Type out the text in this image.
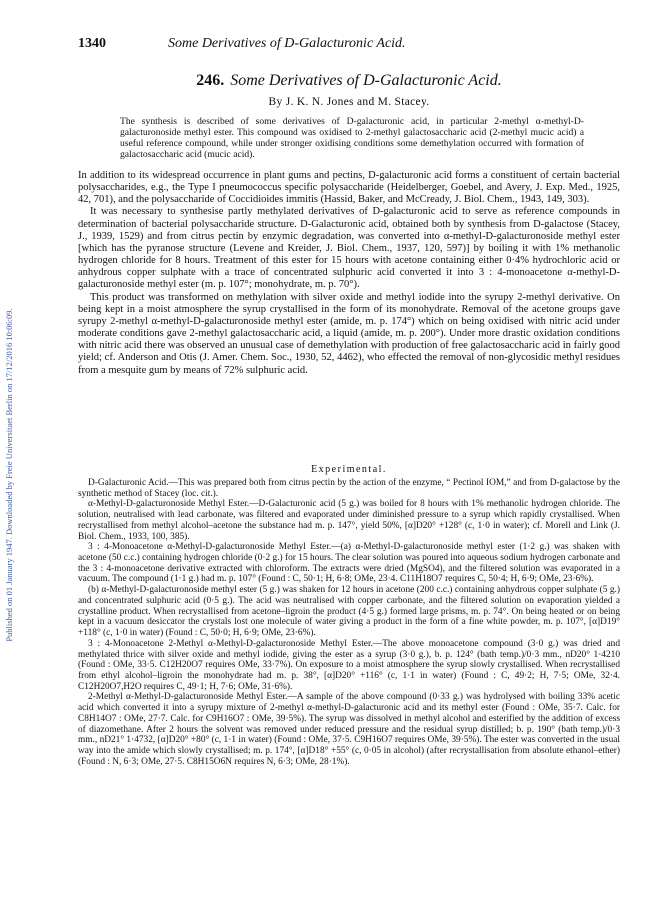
Published on 01 January 1947. Downloaded by Freie Universitaet Berlin on 17/12/2016 10:06:09.
1340	Some Derivatives of D-Galacturonic Acid.
246. Some Derivatives of D-Galacturonic Acid.
By J. K. N. Jones and M. Stacey.
The synthesis is described of some derivatives of D-galacturonic acid, in particular 2-methyl α-methyl-D-galacturonoside methyl ester. This compound was oxidised to 2-methyl galactosaccharic acid (2-methyl mucic acid) a useful reference compound, while under stronger oxidising conditions some demethylation occurred with formation of galactosaccharic acid (mucic acid).

In addition to its widespread occurrence in plant gums and pectins, D-galacturonic acid forms a constituent of certain bacterial polysaccharides, e.g., the Type I pneumococcus specific polysaccharide (Heidelberger, Goebel, and Avery, J. Exp. Med., 1925, 42, 701), and the polysaccharide of Coccidioides immitis (Hassid, Baker, and McCready, J. Biol. Chem., 1943, 149, 303).

It was necessary to synthesise partly methylated derivatives of D-galacturonic acid to serve as reference compounds in determination of bacterial polysaccharide structure. D-Galacturonic acid, obtained both by synthesis from D-galactose (Stacey, J., 1939, 1529) and from citrus pectin by enzymic degradation, was converted into α-methyl-D-galacturonoside methyl ester [which has the pyranose structure (Levene and Kreider, J. Biol. Chem., 1937, 120, 597)] by boiling it with 1% methanolic hydrogen chloride for 8 hours. Treatment of this ester for 15 hours with acetone containing either 0·4% hydrochloric acid or anhydrous copper sulphate with a trace of concentrated sulphuric acid converted it into 3 : 4-monoacetone α-methyl-D-galacturonoside methyl ester (m. p. 107°; monohydrate, m. p. 70°).

This product was transformed on methylation with silver oxide and methyl iodide into the syrupy 2-methyl derivative. On being kept in a moist atmosphere the syrup crystallised in the form of its monohydrate. Removal of the acetone groups gave syrupy 2-methyl α-methyl-D-galacturonoside methyl ester (amide, m. p. 174°) which on being oxidised with nitric acid under moderate conditions gave 2-methyl galactosaccharic acid, a liquid (amide, m. p. 200°). Under more drastic oxidation conditions with nitric acid there was observed an unusual case of demethylation with production of free galactosaccharic acid in fairly good yield; cf. Anderson and Otis (J. Amer. Chem. Soc., 1930, 52, 4462), who effected the removal of non-glycosidic methyl residues from a mesquite gum by means of 72% sulphuric acid.

Experimental.

D-Galacturonic Acid.—This was prepared both from citrus pectin by the action of the enzyme, “ Pectinol IOM,” and from D-galactose by the synthetic method of Stacey (loc. cit.).

α-Methyl-D-galacturonoside Methyl Ester.—D-Galacturonic acid (5 g.) was boiled for 8 hours with 1% methanolic hydrogen chloride. The solution, neutralised with lead carbonate, was filtered and evaporated under diminished pressure to a syrup which rapidly crystallised. When recrystallised from methyl alcohol–acetone the substance had m. p. 147°, yield 50%, [α]D20° +128° (c, 1·0 in water); cf. Morell and Link (J. Biol. Chem., 1933, 100, 385).

3 : 4-Monoacetone α-Methyl-D-galacturonoside Methyl Ester.—(a) α-Methyl-D-galacturonoside methyl ester (1·2 g.) was shaken with acetone (50 c.c.) containing hydrogen chloride (0·2 g.) for 15 hours. The clear solution was poured into aqueous sodium hydrogen carbonate and the 3 : 4-monoacetone derivative extracted with chloroform. The extracts were dried (MgSO4), and the filtered solution was evaporated in a vacuum. The compound (1·1 g.) had m. p. 107° (Found : C, 50·1; H, 6·8; OMe, 23·4. C11H18O7 requires C, 50·4; H, 6·9; OMe, 23·6%).

(b) α-Methyl-D-galacturonoside methyl ester (5 g.) was shaken for 12 hours in acetone (200 c.c.) containing anhydrous copper sulphate (5 g.) and concentrated sulphuric acid (0·5 g.). The acid was neutralised with copper carbonate, and the filtered solution on evaporation yielded a crystalline product. When recrystallised from acetone–ligroin the product (4·5 g.) formed large prisms, m. p. 74°. On being heated or on being kept in a vacuum desiccator the crystals lost one molecule of water giving a product in the form of a fine white powder, m. p. 107°, [α]D19° +118° (c, 1·0 in water) (Found : C, 50·0; H, 6·9; OMe, 23·6%).

3 : 4-Monoacetone 2-Methyl α-Methyl-D-galacturonoside Methyl Ester.—The above monoacetone compound (3·0 g.) was dried and methylated thrice with silver oxide and methyl iodide, giving the ester as a syrup (3·0 g.), b. p. 124° (bath temp.)/0·3 mm., nD20° 1·4210 (Found : OMe, 33·5. C12H20O7 requires OMe, 33·7%). On exposure to a moist atmosphere the syrup slowly crystallised. When recrystallised from ethyl alcohol–ligroin the monohydrate had m. p. 38°, [α]D20° +116° (c, 1·1 in water) (Found : C, 49·2; H, 7·5; OMe, 32·4. C12H20O7,H2O requires C, 49·1; H, 7·6; OMe, 31·6%).

2-Methyl α-Methyl-D-galacturonoside Methyl Ester.—A sample of the above compound (0·33 g.) was hydrolysed with boiling 33% acetic acid which converted it into a syrupy mixture of 2-methyl α-methyl-D-galacturonic acid and its methyl ester (Found : OMe, 35·7. Calc. for C8H14O7 : OMe, 27·7. Calc. for C9H16O7 : OMe, 39·5%). The syrup was dissolved in methyl alcohol and esterified by the addition of excess of diazomethane. After 2 hours the solvent was removed under reduced pressure and the residual syrup distilled; b. p. 190° (bath temp.)/0·3 mm., nD21° 1·4732, [α]D20° +80° (c, 1·1 in water) (Found : OMe, 37·5. C9H16O7 requires OMe, 39·5%). The ester was converted in the usual way into the amide which slowly crystallised; m. p. 174°, [α]D18° +55° (c, 0·05 in alcohol) (after recrystallisation from absolute ethanol–ether) (Found : N, 6·3; OMe, 27·5. C8H15O6N requires N, 6·3; OMe, 28·1%).
